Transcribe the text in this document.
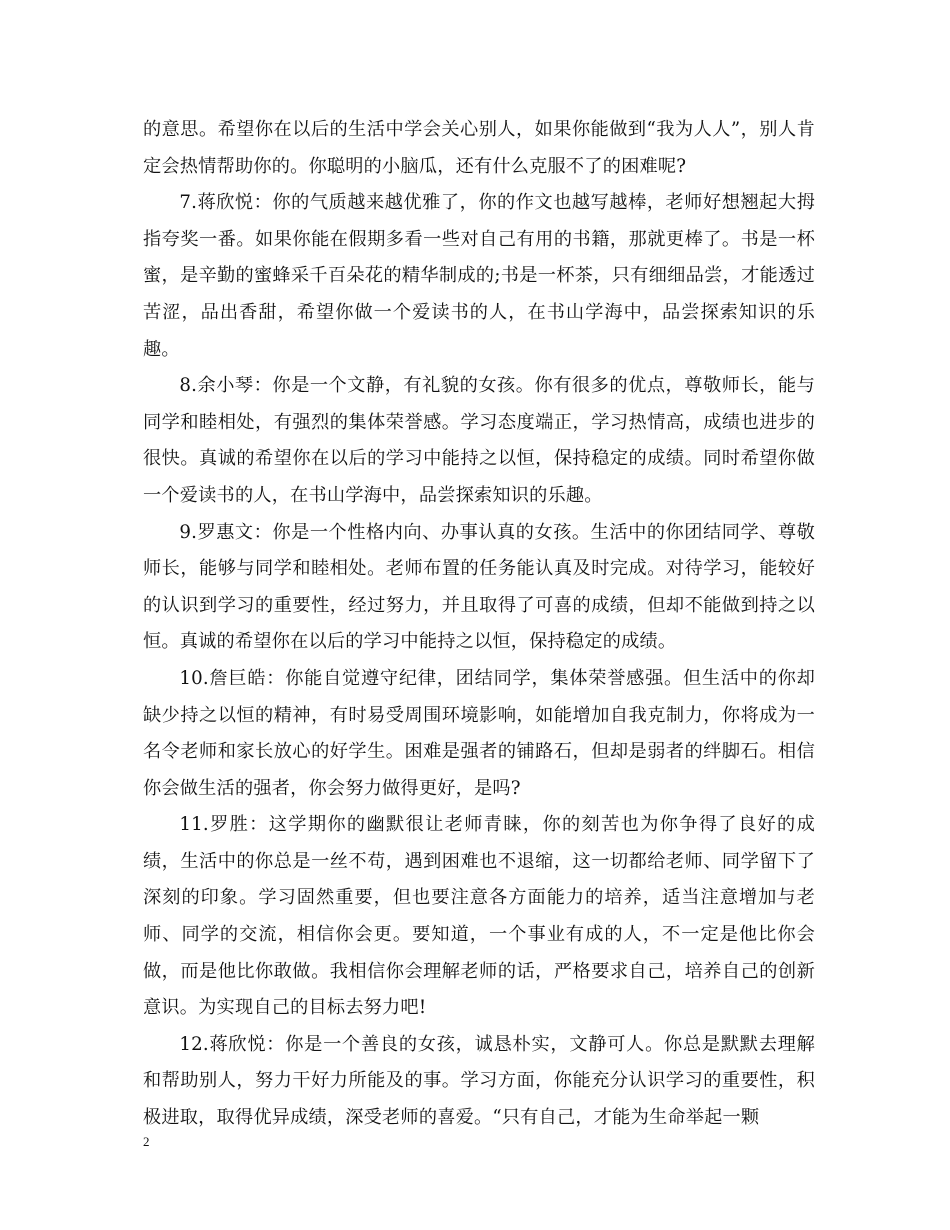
的意思。希望你在以后的生活中学会关心别人，如果你能做到“我为人人”，别人肯定会热情帮助你的。你聪明的小脑瓜，还有什么克服不了的困难呢?

7.蒋欣悦：你的气质越来越优雅了，你的作文也越写越棒，老师好想翘起大拇指夸奖一番。如果你能在假期多看一些对自己有用的书籍，那就更棒了。书是一杯蜜，是辛勤的蜜蜂采千百朵花的精华制成的;书是一杯茶，只有细细品尝，才能透过苦涩，品出香甜，希望你做一个爱读书的人，在书山学海中，品尝探索知识的乐趣。

8.余小琴：你是一个文静，有礼貌的女孩。你有很多的优点，尊敬师长，能与同学和睦相处，有强烈的集体荣誉感。学习态度端正，学习热情高，成绩也进步的很快。真诚的希望你在以后的学习中能持之以恒，保持稳定的成绩。同时希望你做一个爱读书的人，在书山学海中，品尝探索知识的乐趣。

9.罗惠文：你是一个性格内向、办事认真的女孩。生活中的你团结同学、尊敬师长，能够与同学和睦相处。老师布置的任务能认真及时完成。对待学习，能较好的认识到学习的重要性，经过努力，并且取得了可喜的成绩，但却不能做到持之以恒。真诚的希望你在以后的学习中能持之以恒，保持稳定的成绩。

10.詹巨皓：你能自觉遵守纪律，团结同学，集体荣誉感强。但生活中的你却缺少持之以恒的精神，有时易受周围环境影响，如能增加自我克制力，你将成为一名令老师和家长放心的好学生。困难是强者的铺路石，但却是弱者的绊脚石。相信你会做生活的强者，你会努力做得更好，是吗?

11.罗胜：这学期你的幽默很让老师青睐，你的刻苦也为你争得了良好的成绩，生活中的你总是一丝不苟，遇到困难也不退缩，这一切都给老师、同学留下了深刻的印象。学习固然重要，但也要注意各方面能力的培养，适当注意增加与老师、同学的交流，相信你会更。要知道，一个事业有成的人，不一定是他比你会做，而是他比你敢做。我相信你会理解老师的话，严格要求自己，培养自己的创新意识。为实现自己的目标去努力吧!

12.蒋欣悦：你是一个善良的女孩，诚恳朴实，文静可人。你总是默默去理解和帮助别人，努力干好力所能及的事。学习方面，你能充分认识学习的重要性，积极进取，取得优异成绩，深受老师的喜爱。“只有自己，才能为生命举起一颗

2
